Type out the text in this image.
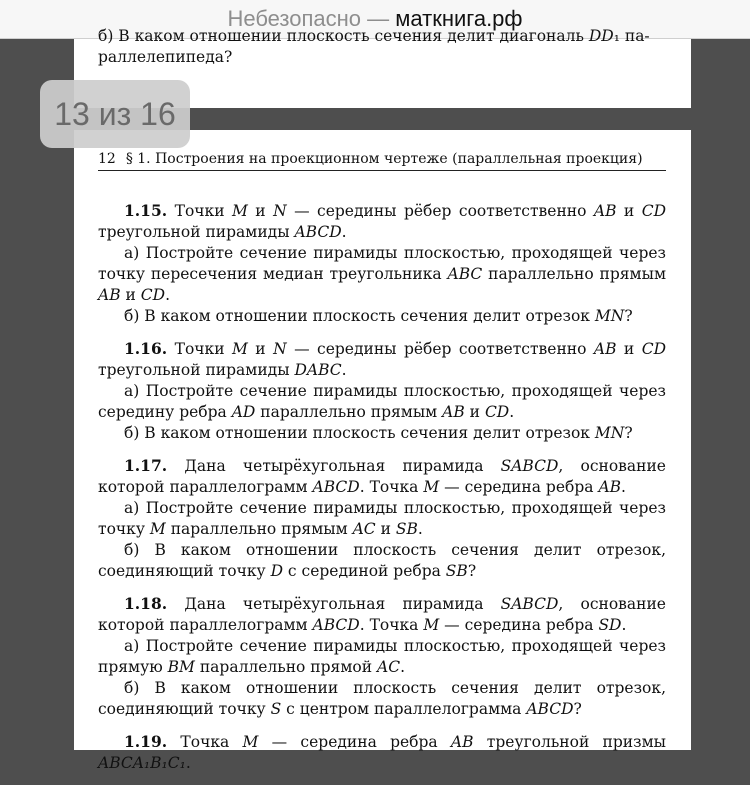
Небезопасно —
маткнига.рф
б) В каком отношении плоскость сечения делит диагональ DD₁ па-
раллелепипеда?
12 § 1. Построения на проекционном чертеже (параллельная проекция)

1.15. Точки M и N — середины рёбер соответственно AB и CD треугольной пирамиды ABCD.

а) Постройте сечение пирамиды плоскостью, проходящей через точку пересечения медиан треугольника ABC параллельно прямым AB и CD.

б) В каком отношении плоскость сечения делит отрезок MN?

1.16. Точки M и N — середины рёбер соответственно AB и CD треугольной пирамиды DABC.

а) Постройте сечение пирамиды плоскостью, проходящей через середину ребра AD параллельно прямым AB и CD.

б) В каком отношении плоскость сечения делит отрезок MN?

1.17. Дана четырёхугольная пирамида SABCD, основание которой параллелограмм ABCD. Точка M — середина ребра AB.

а) Постройте сечение пирамиды плоскостью, проходящей через точку M параллельно прямым AC и SB.

б) В каком отношении плоскость сечения делит отрезок, соединяющий точку D с серединой ребра SB?

1.18. Дана четырёхугольная пирамида SABCD, основание которой параллелограмм ABCD. Точка M — середина ребра SD.

а) Постройте сечение пирамиды плоскостью, проходящей через прямую BM параллельно прямой AC.

б) В каком отношении плоскость сечения делит отрезок, соединяющий точку S с центром параллелограмма ABCD?

1.19. Точка M — середина ребра AB треугольной призмы ABCA₁B₁C₁.

13 из 16
